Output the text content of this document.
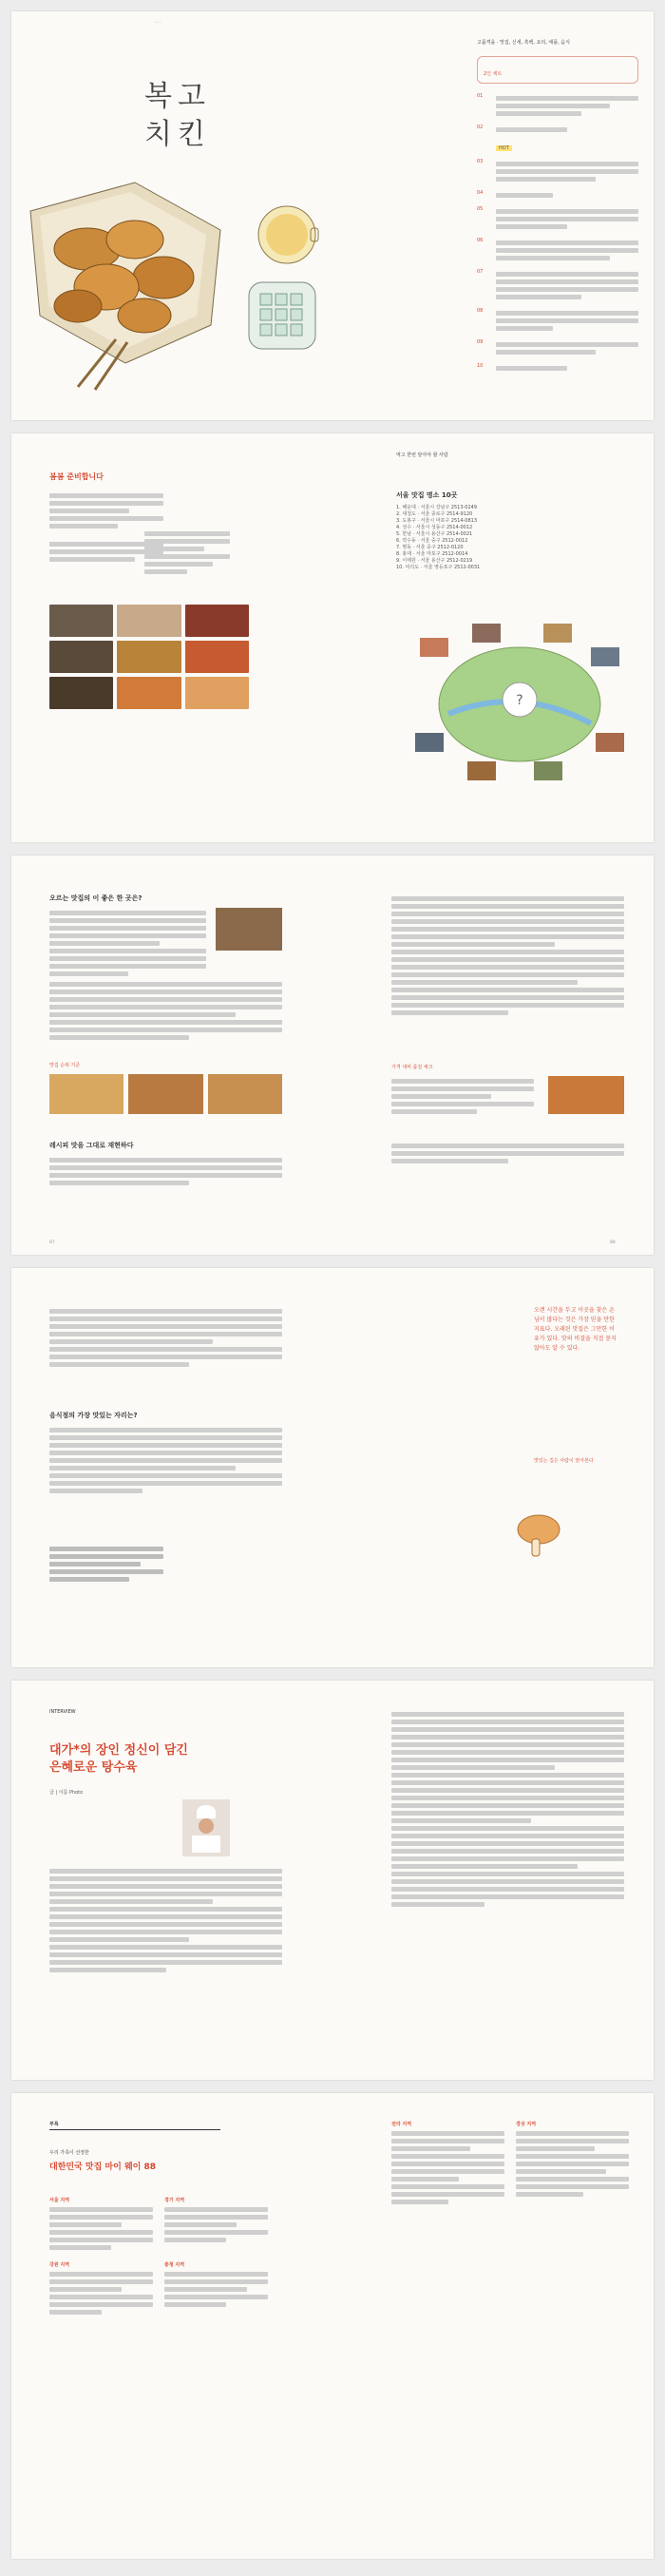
◦◦◦
복고
치킨
고품격을 · 맛집, 신세, 흑백, 요리, 애플, 음식
2인 세트
01
02
HOT
03
04
05
06
07
08
09
10
봄봄 준비합니다
먹고 한번 알아야 할 사람
서울 맛집 명소 10곳
1. 해운대 · 서울시 강남구 2513-0249
2. 대청도 · 서울 종로구 2514-9120
3. 도봉구 · 서울시 마포구 2514-0813
4. 성수 · 서울시 성동구 2514-0012
5. 한남 · 서울시 용산구 2514-0021
6. 약수동 · 서울 중구 2512-0012
7. 명동 · 서울 중구 2512-0120
8. 홍대 · 서울 마포구 2512-0014
9. 이태원 · 서울 용산구 2512-0219
10. 여의도 · 서울 영등포구 2512-0031
?
오르는 맛집의 이 좋은 한 곳은?
맛집 순위 기준
레시피 맛을 그대로 재현하다
가격 대비 품질 체크
87	88
음식점의 가장 맛있는 자리는?
오랜 시간을 두고 이곳을 찾은 손님이 많다는 것은 가장 믿을 만한 지표다. 오래된 맛집은 그만한 이유가 있다. 맛의 비결을 직접 묻지 않아도 알 수 있다.
맛있는 집은 사람이 알아본다
INTERVIEW
대가*의 장인 정신이 담긴
은혜로운 탕수육
글 | 이름 Photo
부록
우리 가족이 선정한
대한민국 맛집 마이 웨이 88
서울 지역	경기 지역
강원 지역	충청 지역
전라 지역	경상 지역
